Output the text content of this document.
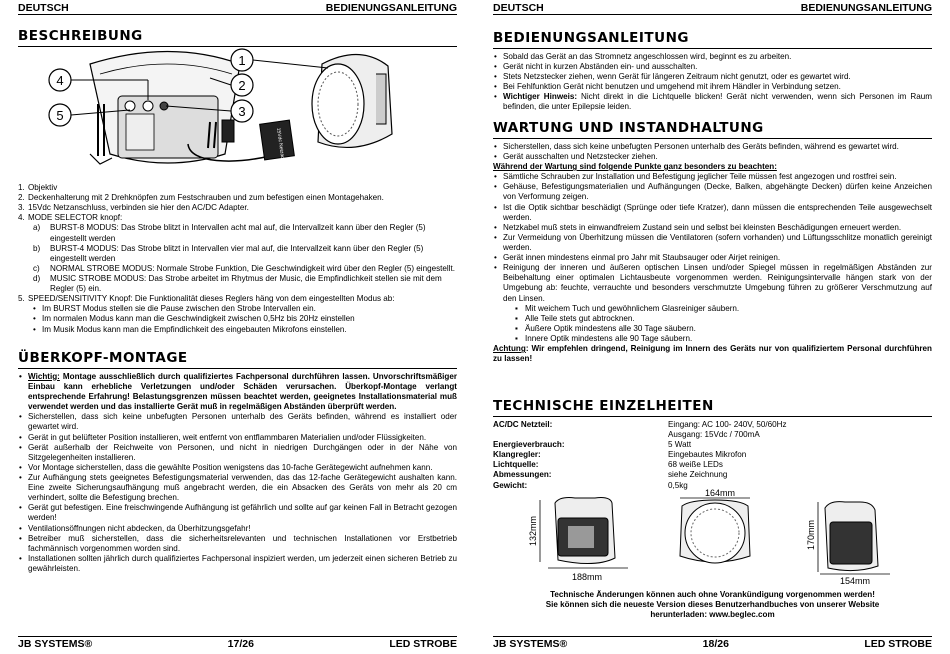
DEUTSCH	BEDIENUNGSANLEITUNG
BESCHREIBUNG
15Vdc Netzadapter
1
2
3
4
5
1. Objektiv
2. Deckenhalterung mit 2 Drehknöpfen zum Festschrauben und zum befestigen einen Montagehaken.
3. 15Vdc Netzanschluss, verbinden sie hier den AC/DC Adapter.
4. MODE SELECTOR knopf:
a) BURST-8 MODUS: Das Strobe blitzt in Intervallen acht mal auf, die Intervallzeit kann über den Regler (5) eingestellt werden
b) BURST-4 MODUS: Das Strobe blitzt in Intervallen vier mal auf, die Intervallzeit kann über den Regler (5) eingestellt werden
c) NORMAL STROBE MODUS: Normale Strobe Funktion, Die Geschwindigkeit wird über den Regler (5) eingestellt.
d) MUSIC STROBE MODUS: Das Strobe arbeitet im Rhytmus der Music, die Empfindlichkeit stellen sie mit dem Regler (5) ein.
5. SPEED/SENSITIVITY Knopf: Die Funktionalität dieses Reglers häng von dem eingestellten Modus ab:
• Im BURST Modus stellen sie die Pause zwischen den Strobe Intervallen ein.
• Im normalen Modus kann man die Geschwindigkeit zwischen 0,5Hz bis 20Hz einstellen
• Im Musik Modus kann man die Empfindlichkeit des eingebauten Mikrofons einstellen.
ÜBERKOPF-MONTAGE
• Wichtig: Montage ausschließlich durch qualifiziertes Fachpersonal durchführen lassen. Unvorschriftsmäßiger Einbau kann erhebliche Verletzungen und/oder Schäden verursachen. Überkopf-Montage verlangt entsprechende Erfahrung! Belastungsgrenzen müssen beachtet werden, geeignetes Installationsmaterial muß verwendet werden und das installierte Gerät muß in regelmäßigen Abständen überprüft werden.
• Sicherstellen, dass sich keine unbefugten Personen unterhalb des Geräts befinden, während es installiert oder gewartet wird.
• Gerät in gut belüfteter Position installieren, weit entfernt von entflammbaren Materialien und/oder Flüssigkeiten.
• Gerät außerhalb der Reichweite von Personen, und nicht in niedrigen Durchgängen oder in der Nähe von Sitzgelegenheiten installieren.
• Vor Montage sicherstellen, dass die gewählte Position wenigstens das 10-fache Gerätegewicht aufnehmen kann.
• Zur Aufhängung stets geeignetes Befestigungsmaterial verwenden, das das 12-fache Gerätegewicht aushalten kann. Eine zweite Sicherungsaufhängung muß angebracht werden, die ein Absacken des Geräts von mehr als 20 cm verhindert, sollte die Befestigung brechen.
• Gerät gut befestigen. Eine freischwingende Aufhängung ist gefährlich und sollte auf gar keinen Fall in Betracht gezogen werden!
• Ventilationsöffnungen nicht abdecken, da Überhitzungsgefahr!
• Betreiber muß sicherstellen, dass die sicherheitsrelevanten und technischen Installationen vor Erstbetrieb fachmännisch vorgenommen worden sind.
• Installationen sollten jährlich durch qualifiziertes Fachpersonal inspiziert werden, um jederzeit einen sicheren Betrieb zu gewährleisten.
JB SYSTEMS®	17/26	LED STROBE
DEUTSCH	BEDIENUNGSANLEITUNG
BEDIENUNGSANLEITUNG
• Sobald das Gerät an das Stromnetz angeschlossen wird, beginnt es zu arbeiten.
• Gerät nicht in kurzen Abständen ein- und ausschalten.
• Stets Netzstecker ziehen, wenn Gerät für längeren Zeitraum nicht genutzt, oder es gewartet wird.
• Bei Fehlfunktion Gerät nicht benutzen und umgehend mit ihrem Händler in Verbindung setzen.
• Wichtiger Hinweis: Nicht direkt in die Lichtquelle blicken! Gerät nicht verwenden, wenn sich Personen im Raum befinden, die unter Epilepsie leiden.
WARTUNG UND INSTANDHALTUNG
• Sicherstellen, dass sich keine unbefugten Personen unterhalb des Geräts befinden, während es gewartet wird.
• Gerät ausschalten und Netzstecker ziehen.
Während der Wartung sind folgende Punkte ganz besonders zu beachten:
• Sämtliche Schrauben zur Installation und Befestigung jeglicher Teile müssen fest angezogen und rostfrei sein.
• Gehäuse, Befestigungsmaterialien und Aufhängungen (Decke, Balken, abgehängte Decken) dürfen keine Anzeichen von Verformung zeigen.
• Ist die Optik sichtbar beschädigt (Sprünge oder tiefe Kratzer), dann müssen die entsprechenden Teile ausgewechselt werden.
• Netzkabel muß stets in einwandfreiem Zustand sein und selbst bei kleinsten Beschädigungen erneuert werden.
• Zur Vermeidung von Überhitzung müssen die Ventilatoren (sofern vorhanden) und Lüftungsschlitze monatlich gereinigt werden.
• Gerät innen mindestens einmal pro Jahr mit Staubsauger oder Airjet reinigen.
• Reinigung der inneren und äußeren optischen Linsen und/oder Spiegel müssen in regelmäßigen Abständen zur Beibehaltung einer optimalen Lichtausbeute vorgenommen werden. Reinigungsintervalle hängen stark von der Umgebung ab: feuchte, verrauchte und besonders verschmutzte Umgebung führen zu größerer Verschmutzung auf den Linsen.
▪ Mit weichem Tuch und gewöhnlichem Glasreiniger säubern.
▪ Alle Teile stets gut abtrocknen.
▪ Äußere Optik mindestens alle 30 Tage säubern.
▪ Innere Optik mindestens alle 90 Tage säubern.
Achtung: Wir empfehlen dringend, Reinigung im Innern des Geräts nur von qualifiziertem Personal durchführen zu lassen!
TECHNISCHE EINZELHEITEN
AC/DC Netzteil:	Eingang: AC 100- 240V, 50/60Hz
Ausgang: 15Vdc / 700mA
Energieverbrauch:	5 Watt
Klangregler:	Eingebautes Mikrofon
Lichtquelle:	68 weiße LEDs
Abmessungen:	siehe Zeichnung
Gewicht:	0,5kg
132mm
188mm
164mm
170mm
154mm
Technische Änderungen können auch ohne Vorankündigung vorgenommen werden!
Sie können sich die neueste Version dieses Benutzerhandbuches von unserer Website
herunterladen: www.beglec.com
JB SYSTEMS®	18/26	LED STROBE
